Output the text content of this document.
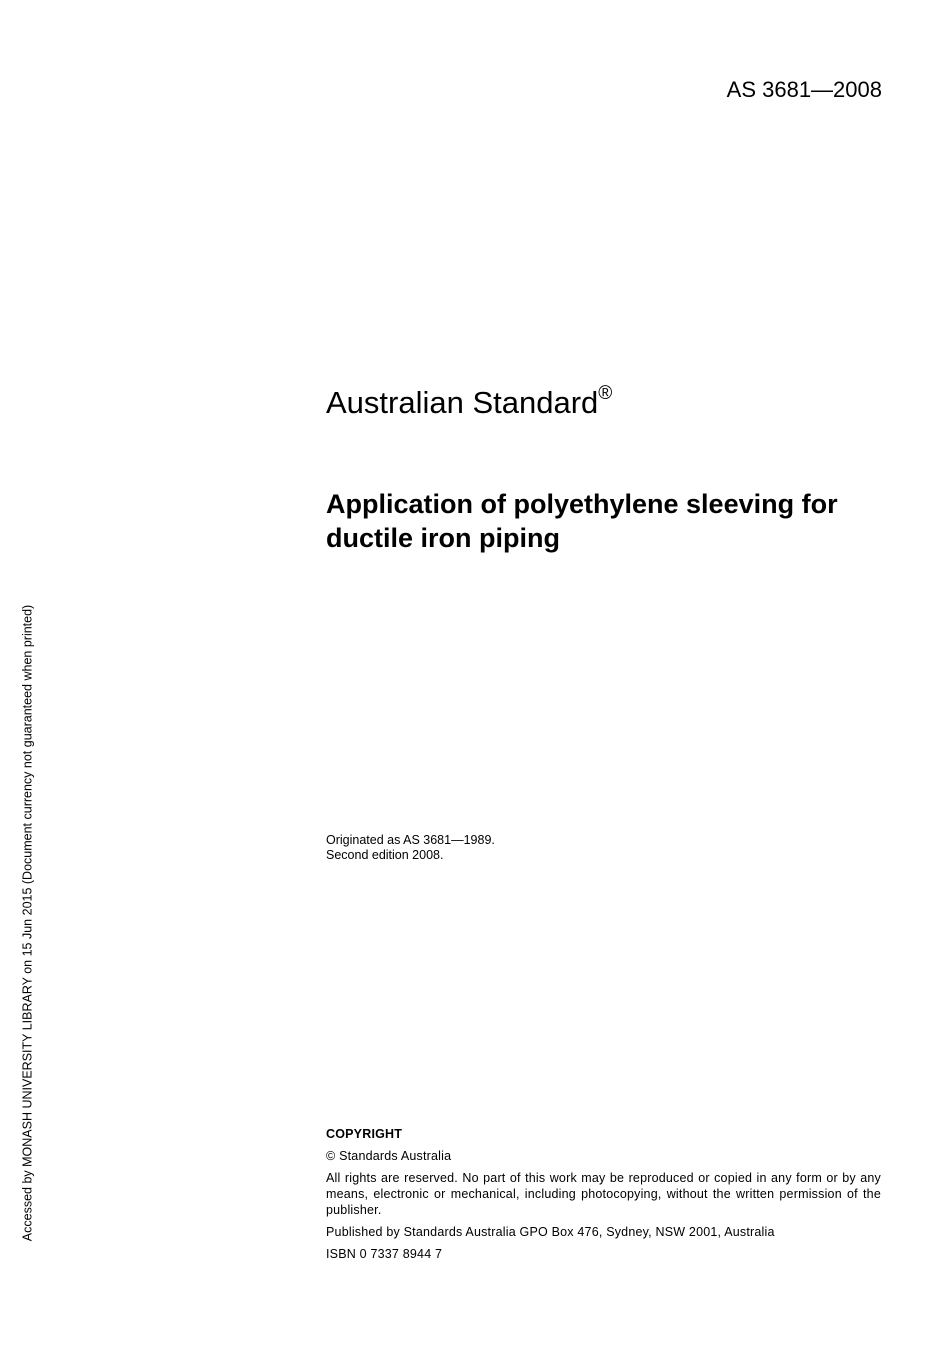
AS 3681—2008
Australian Standard®
Application of polyethylene sleeving for
ductile iron piping
Originated as AS 3681—1989.
Second edition 2008.
COPYRIGHT
© Standards Australia
All rights are reserved. No part of this work may be reproduced or copied in any form or by any means, electronic or mechanical, including photocopying, without the written permission of the publisher.
Published by Standards Australia GPO Box 476, Sydney, NSW 2001, Australia
ISBN 0 7337 8944 7
Accessed by MONASH UNIVERSITY LIBRARY on 15 Jun 2015 (Document currency not guaranteed when printed)
